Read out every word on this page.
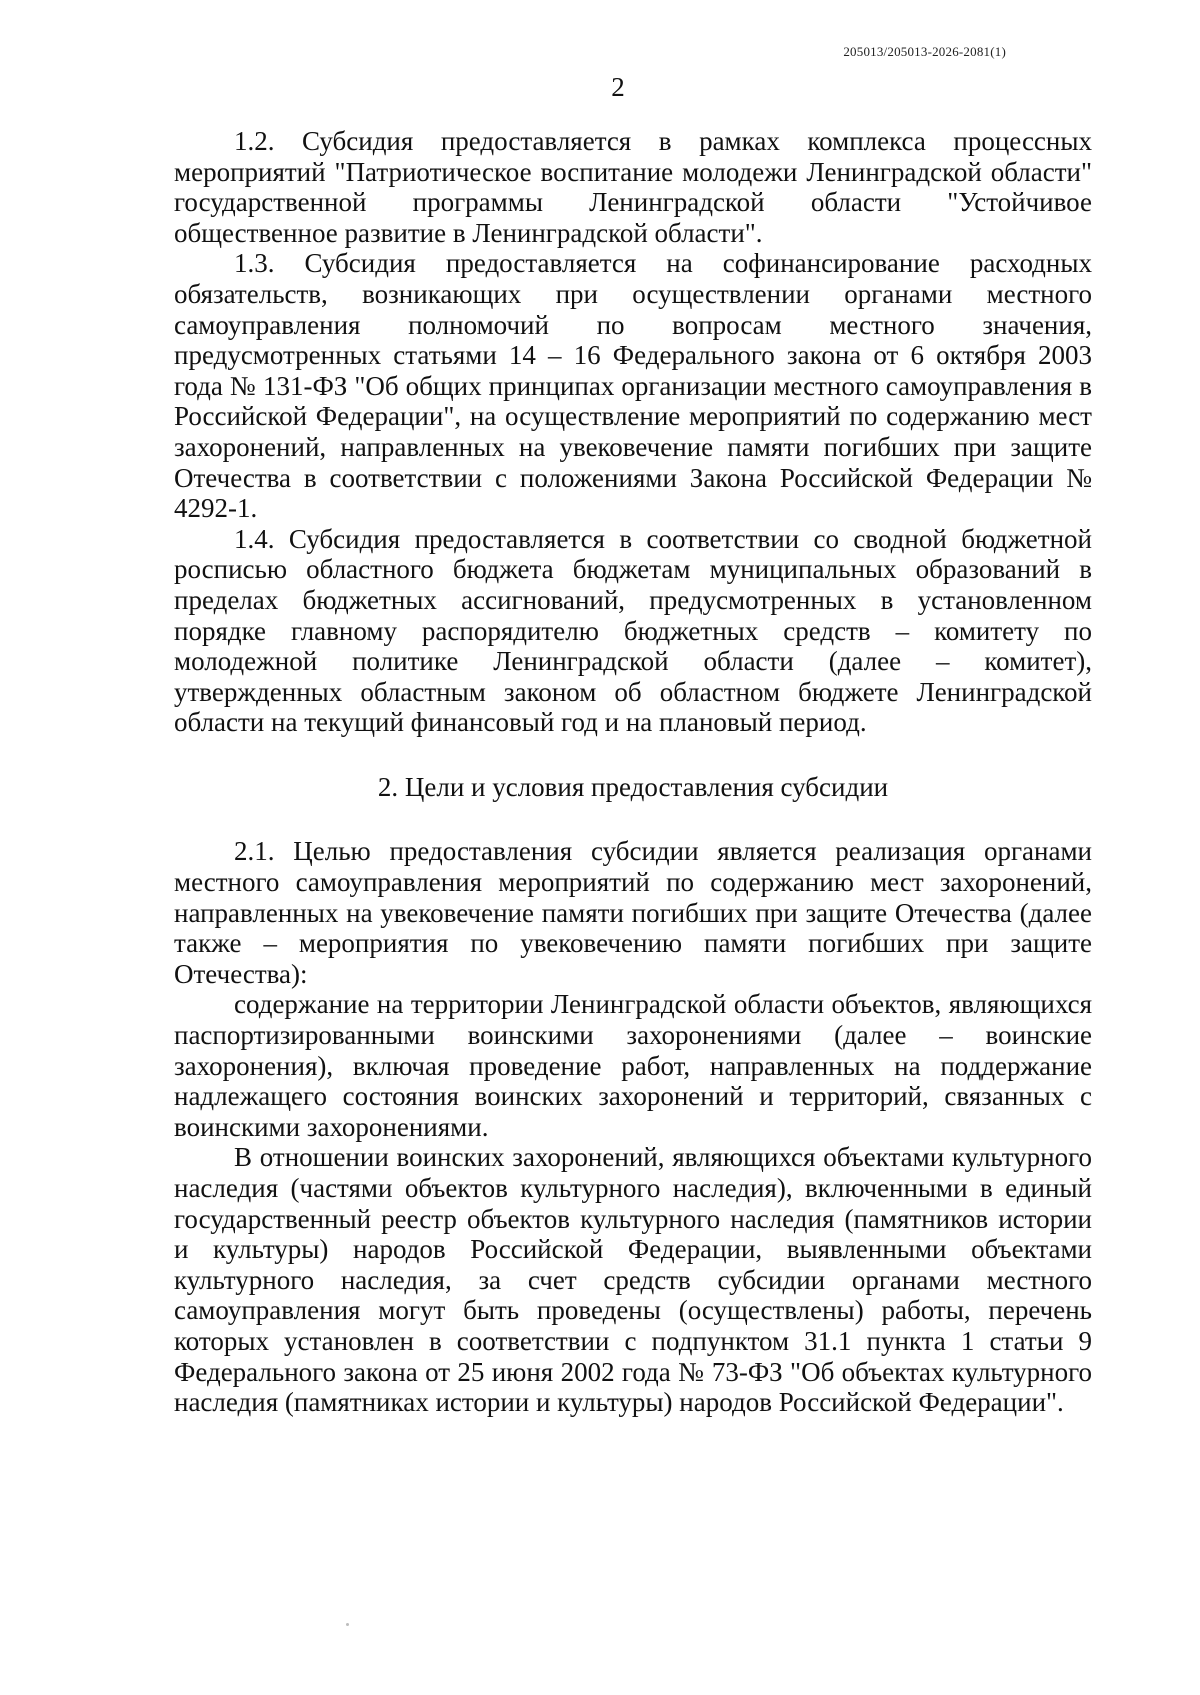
205013/205013-2026-2081(1)
2

1.2. Субсидия предоставляется в рамках комплекса процессных мероприятий "Патриотическое воспитание молодежи Ленинградской области" государственной программы Ленинградской области "Устойчивое общественное развитие в Ленинградской области".

1.3. Субсидия предоставляется на софинансирование расходных обязательств, возникающих при осуществлении органами местного самоуправления полномочий по вопросам местного значения, предусмотренных статьями 14 – 16 Федерального закона от 6 октября 2003 года № 131-ФЗ "Об общих принципах организации местного самоуправления в Российской Федерации", на осуществление мероприятий по содержанию мест захоронений, направленных на увековечение памяти погибших при защите Отечества в соответствии с положениями Закона Российской Федерации № 4292-1.

1.4. Субсидия предоставляется в соответствии со сводной бюджетной росписью областного бюджета бюджетам муниципальных образований в пределах бюджетных ассигнований, предусмотренных в установленном порядке главному распорядителю бюджетных средств – комитету по молодежной политике Ленинградской области (далее – комитет), утвержденных областным законом об областном бюджете Ленинградской области на текущий финансовый год и на плановый период.

2. Цели и условия предоставления субсидии

2.1. Целью предоставления субсидии является реализация органами местного самоуправления мероприятий по содержанию мест захоронений, направленных на увековечение памяти погибших при защите Отечества (далее также – мероприятия по увековечению памяти погибших при защите Отечества):

содержание на территории Ленинградской области объектов, являющихся паспортизированными воинскими захоронениями (далее – воинские захоронения), включая проведение работ, направленных на поддержание надлежащего состояния воинских захоронений и территорий, связанных с воинскими захоронениями.

В отношении воинских захоронений, являющихся объектами культурного наследия (частями объектов культурного наследия), включенными в единый государственный реестр объектов культурного наследия (памятников истории и культуры) народов Российской Федерации, выявленными объектами культурного наследия, за счет средств субсидии органами местного самоуправления могут быть проведены (осуществлены) работы, перечень которых установлен в соответствии с подпунктом 31.1 пункта 1 статьи 9 Федерального закона от 25 июня 2002 года № 73-ФЗ "Об объектах культурного наследия (памятниках истории и культуры) народов Российской Федерации".
